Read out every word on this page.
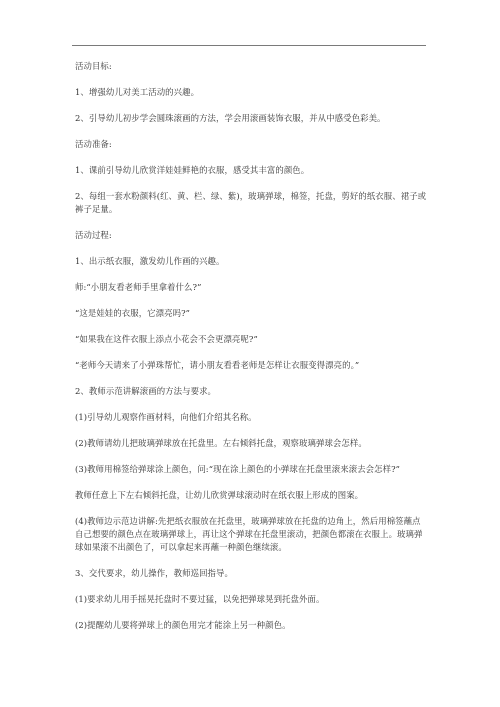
活动目标:

1、增强幼儿对美工活动的兴趣。

2、引导幼儿初步学会圆珠滚画的方法，学会用滚画装饰衣服，并从中感受色彩美。

活动准备:

1、课前引导幼儿欣赏洋娃娃鲜艳的衣服，感受其丰富的颜色。

2、每组一套水粉颜料(红、黄、栏、绿、紫)，玻璃弹球，棉签，托盘，剪好的纸衣服、裙子或裤子足量。

活动过程:

1、出示纸衣服，激发幼儿作画的兴趣。

师:“小朋友看老师手里拿着什么?”

“这是娃娃的衣服，它漂亮吗?”

“如果我在这件衣服上添点小花会不会更漂亮呢?”

“老师今天请来了小弹珠帮忙，请小朋友看看老师是怎样让衣服变得漂亮的。”

2、教师示范讲解滚画的方法与要求。

(1)引导幼儿观察作画材料，向他们介绍其名称。

(2)教师请幼儿把玻璃弹球放在托盘里。左右倾斜托盘，观察玻璃弹球会怎样。

(3)教师用棉签给弹球涂上颜色，问:“现在涂上颜色的小弹球在托盘里滚来滚去会怎样?”

教师任意上下左右倾斜托盘，让幼儿欣赏弹球滚动时在纸衣服上形成的图案。

(4)教师边示范边讲解:先把纸衣服放在托盘里，玻璃弹球放在托盘的边角上，然后用棉签蘸点自己想要的颜色点在玻璃弹球上，再让这个弹球在托盘里滚动，把颜色都滚在衣服上。玻璃弹球如果滚不出颜色了，可以拿起来再蘸一种颜色继续滚。

3、交代要求，幼儿操作，教师巡回指导。

(1)要求幼儿用手摇晃托盘时不要过猛，以免把弹球晃到托盘外面。

(2)提醒幼儿要将弹球上的颜色用完才能涂上另一种颜色。
